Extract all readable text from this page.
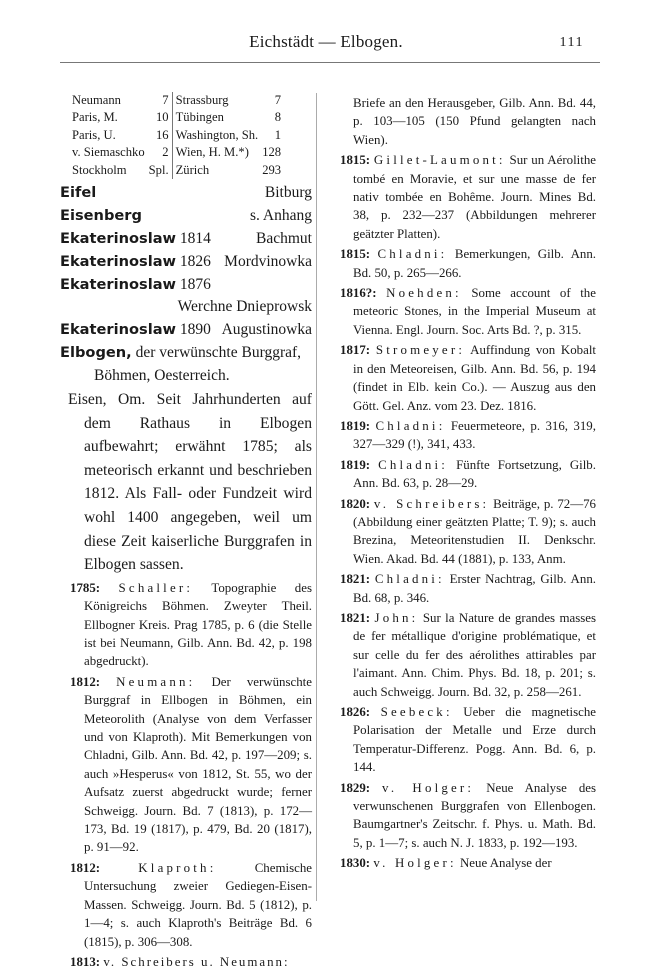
Eichstädt — Elbogen.	111
Neumann	7	Strassburg	7
Paris, M.	10	Tübingen	8
Paris, U.	16	Washington, Sh.	1
v. Siemaschko	2	Wien, H. M.*)	128
Stockholm	Spl.	Zürich	293
Eifel	Bitburg
Eisenberg	s. Anhang
Ekaterinoslaw 1814	Bachmut
Ekaterinoslaw 1826 Mordvinowka
Ekaterinoslaw 1876
Werchne Dnieprowsk
Ekaterinoslaw 1890 Augustinowka
Elbogen, der verwünschte Burggraf,
Böhmen, Oesterreich.
Eisen, Om. Seit Jahrhunderten auf dem Rathaus in Elbogen aufbewahrt; erwähnt 1785; als meteorisch erkannt und beschrieben 1812. Als Fall- oder Fundzeit wird wohl 1400 angegeben, weil um diese Zeit kaiserliche Burggrafen in Elbogen sassen.
1785: Schaller: Topographie des Königreichs Böhmen. Zweyter Theil. Ellbogner Kreis. Prag 1785, p. 6 (die Stelle ist bei Neumann, Gilb. Ann. Bd. 42, p. 198 abgedruckt).
1812: Neumann: Der verwünschte Burggraf in Ellbogen in Böhmen, ein Meteorolith (Analyse von dem Verfasser und von Klaproth). Mit Bemerkungen von Chladni, Gilb. Ann. Bd. 42, p. 197—209; s. auch »Hesperus« von 1812, St. 55, wo der Aufsatz zuerst abgedruckt wurde; ferner Schweigg. Journ. Bd. 7 (1813), p. 172—173, Bd. 19 (1817), p. 479, Bd. 20 (1817), p. 91—92.
1812:	Klaproth:	Chemische Untersuchung zweier Gediegen-Eisen-Massen. Schweigg. Journ. Bd. 5 (1812), p. 1—4; s. auch Klaproth's Beiträge Bd. 6 (1815), p. 306—308.
1813: v. Schreibers u. Neumann:
Briefe an den Herausgeber, Gilb. Ann. Bd. 44, p. 103—105 (150 Pfund gelangten nach Wien).
1815: Gillet-Laumont: Sur un Aérolithe tombé en Moravie, et sur une masse de fer nativ tombée en Bohême. Journ. Mines Bd. 38, p. 232—237 (Abbildungen mehrerer geätzter Platten).
1815: Chladni: Bemerkungen, Gilb. Ann. Bd. 50, p. 265—266.
1816?: Noehden: Some account of the meteoric Stones, in the Imperial Museum at Vienna. Engl. Journ. Soc. Arts Bd. ?, p. 315.
1817: Stromeyer: Auffindung von Kobalt in den Meteoreisen, Gilb. Ann. Bd. 56, p. 194 (findet in Elb. kein Co.). — Auszug aus den Gött. Gel. Anz. vom 23. Dez. 1816.
1819: Chladni: Feuermeteore, p. 316, 319, 327—329 (!), 341, 433.
1819: Chladni: Fünfte Fortsetzung, Gilb. Ann. Bd. 63, p. 28—29.
1820: v. Schreibers: Beiträge, p. 72—76 (Abbildung einer geätzten Platte; T. 9); s. auch Brezina, Meteoritenstudien II. Denkschr. Wien. Akad. Bd. 44 (1881), p. 133, Anm.
1821: Chladni: Erster Nachtrag, Gilb. Ann. Bd. 68, p. 346.
1821: John: Sur la Nature de grandes masses de fer métallique d'origine problématique, et sur celle du fer des aérolithes attirables par l'aimant. Ann. Chim. Phys. Bd. 18, p. 201; s. auch Schweigg. Journ. Bd. 32, p. 258—261.
1826: Seebeck: Ueber die magnetische Polarisation der Metalle und Erze durch Temperatur-Differenz. Pogg. Ann. Bd. 6, p. 144.
1829: v. Holger: Neue Analyse des verwunschenen Burggrafen von Ellenbogen. Baumgartner's Zeitschr. f. Phys. u. Math. Bd. 5, p. 1—7; s. auch N. J. 1833, p. 192—193.
1830: v. Holger: Neue Analyse der
